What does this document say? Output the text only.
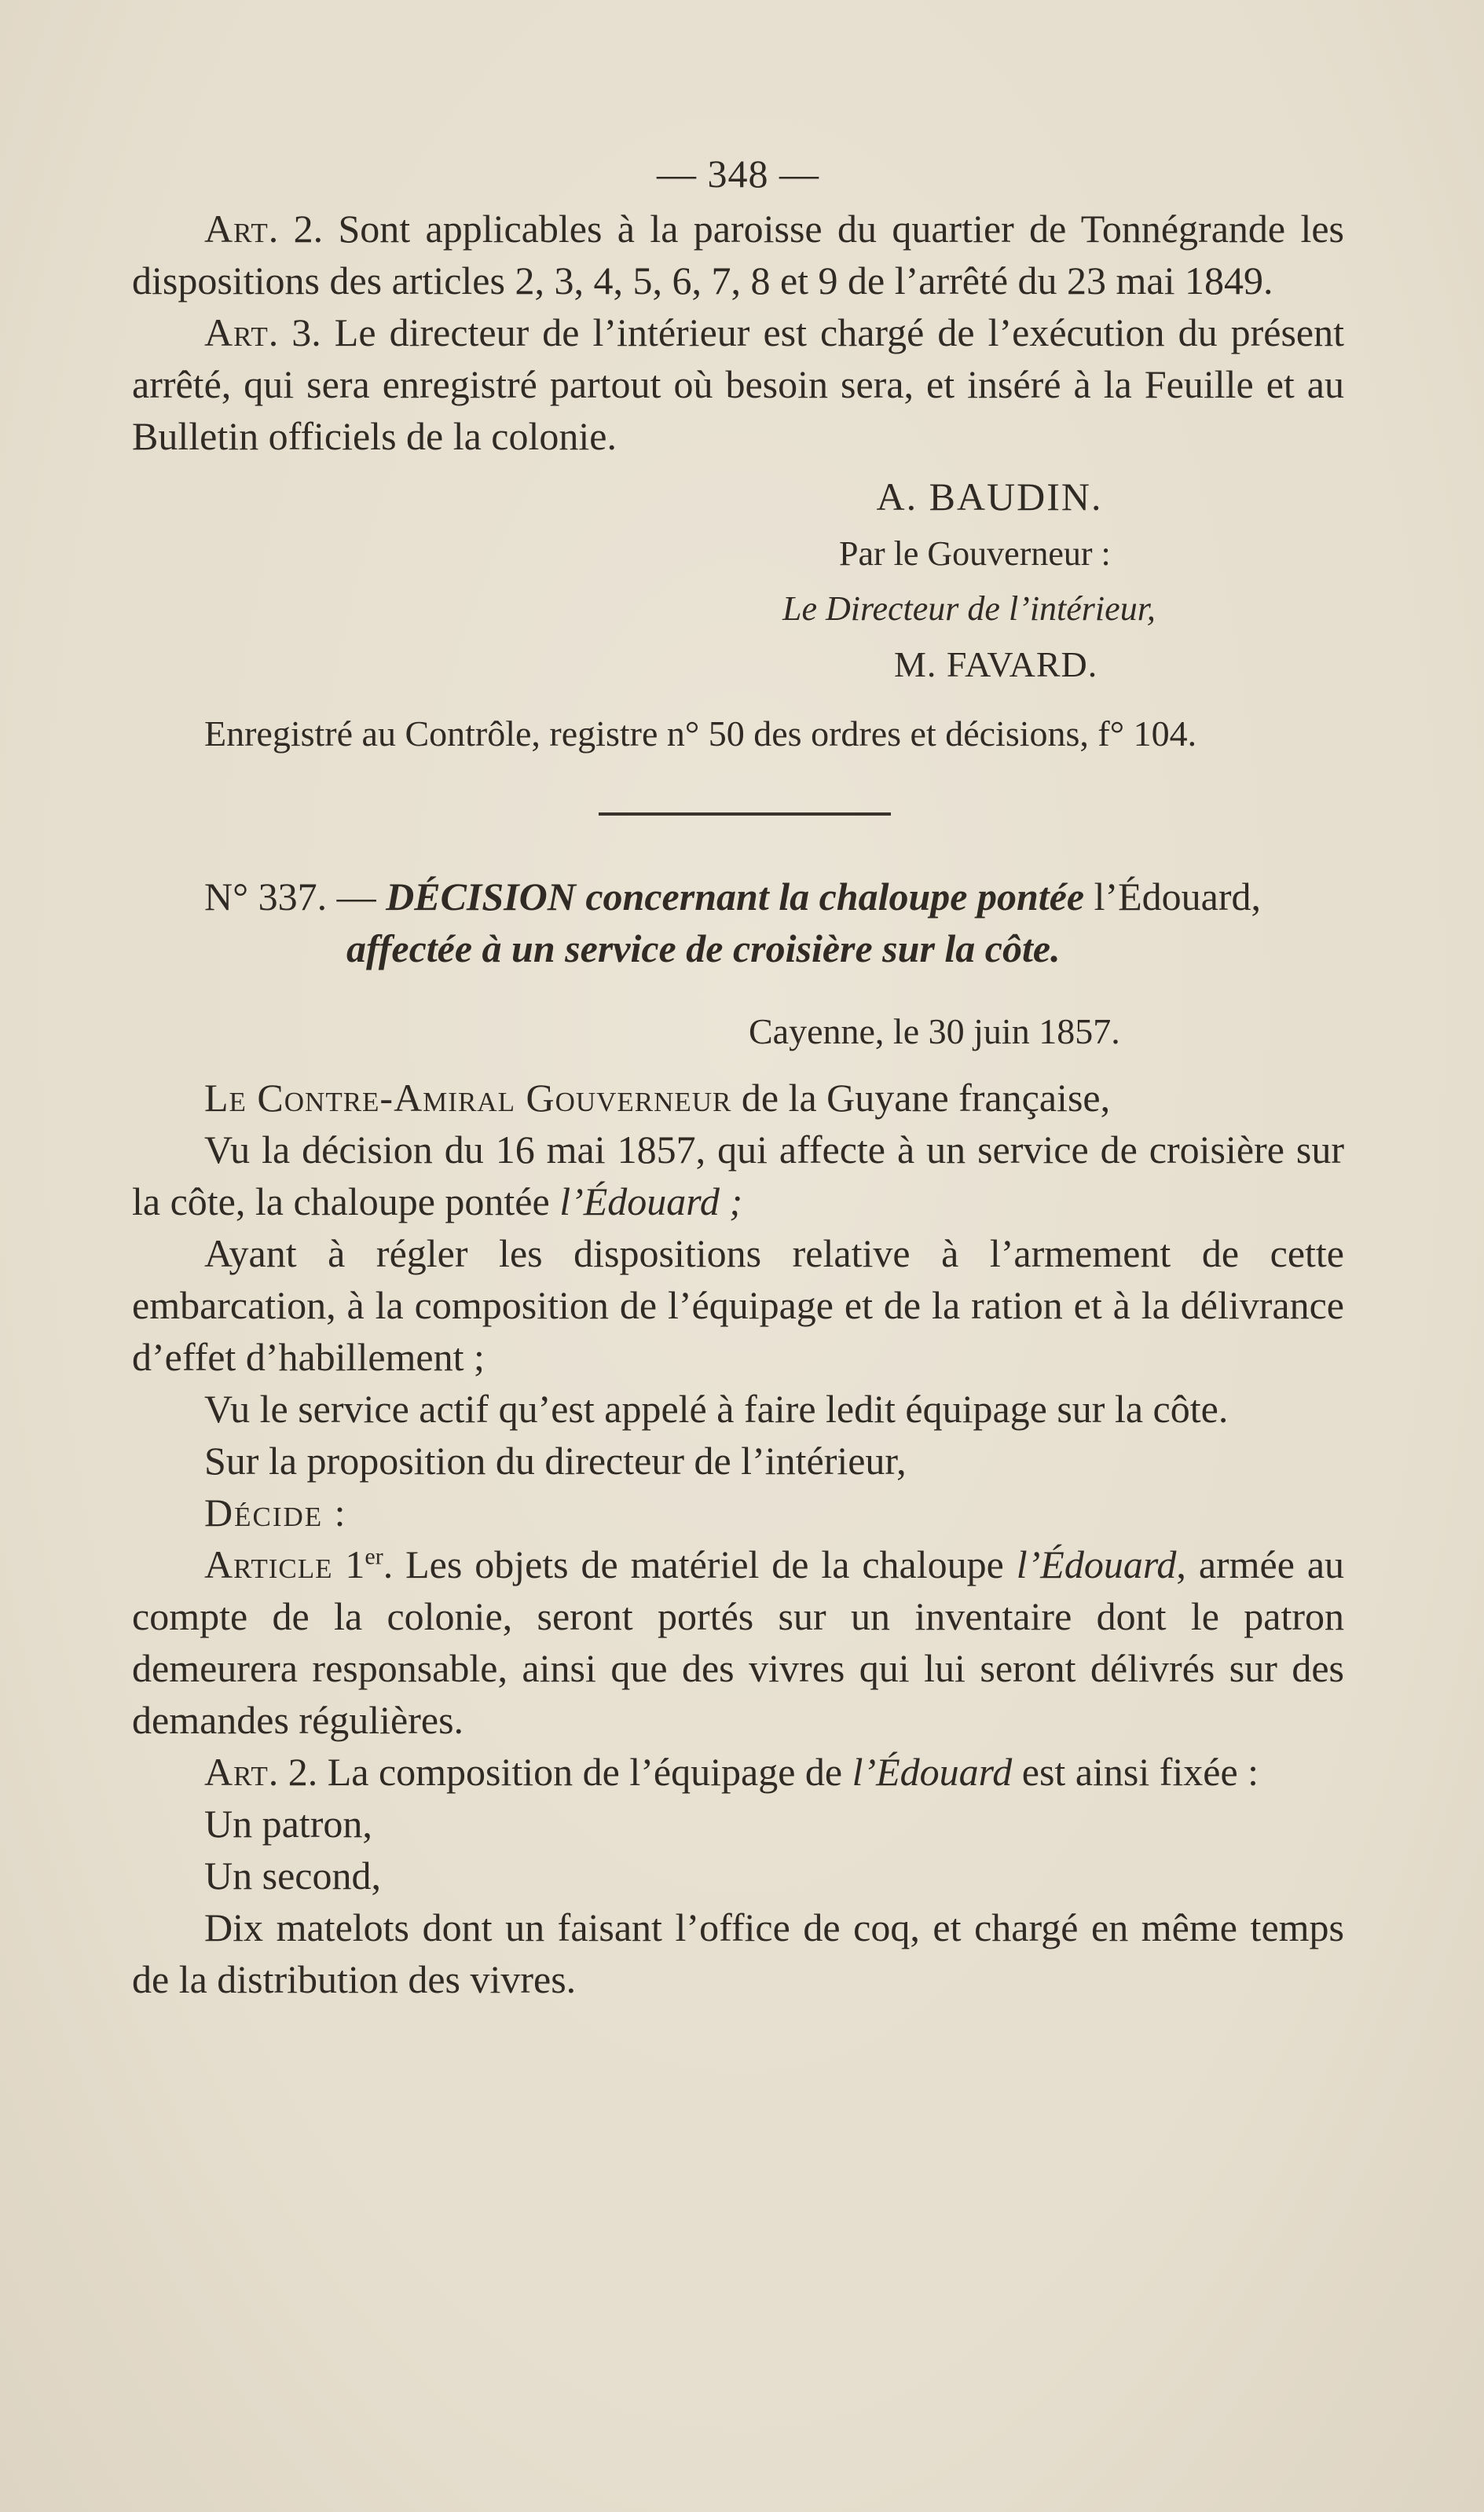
— 348 —

Art. 2. Sont applicables à la paroisse du quartier de Tonnégrande les dispositions des articles 2, 3, 4, 5, 6, 7, 8 et 9 de l’arrêté du 23 mai 1849.

Art. 3. Le directeur de l’intérieur est chargé de l’exécution du présent arrêté, qui sera enregistré partout où besoin sera, et inséré à la Feuille et au Bulletin officiels de la colonie.

A. BAUDIN.
Par le Gouverneur :
Le Directeur de l’intérieur,
M. FAVARD.

Enregistré au Contrôle, registre n° 50 des ordres et décisions, f° 104.

N° 337. — DÉCISION concernant la chaloupe pontée l’Édouard,

affectée à un service de croisière sur la côte.
Cayenne, le 30 juin 1857.

Le Contre-Amiral Gouverneur de la Guyane française,

Vu la décision du 16 mai 1857, qui affecte à un service de croisière sur la côte, la chaloupe pontée l’Édouard ;

Ayant à régler les dispositions relative à l’armement de cette embarcation, à la composition de l’équipage et de la ration et à la délivrance d’effet d’habillement ;

Vu le service actif qu’est appelé à faire ledit équipage sur la côte.

Sur la proposition du directeur de l’intérieur,

Décide :

Article 1er. Les objets de matériel de la chaloupe l’Édouard, armée au compte de la colonie, seront portés sur un inventaire dont le patron demeurera responsable, ainsi que des vivres qui lui seront délivrés sur des demandes régulières.

Art. 2. La composition de l’équipage de l’Édouard est ainsi fixée :

Un patron,

Un second,

Dix matelots dont un faisant l’office de coq, et chargé en même temps de la distribution des vivres.
